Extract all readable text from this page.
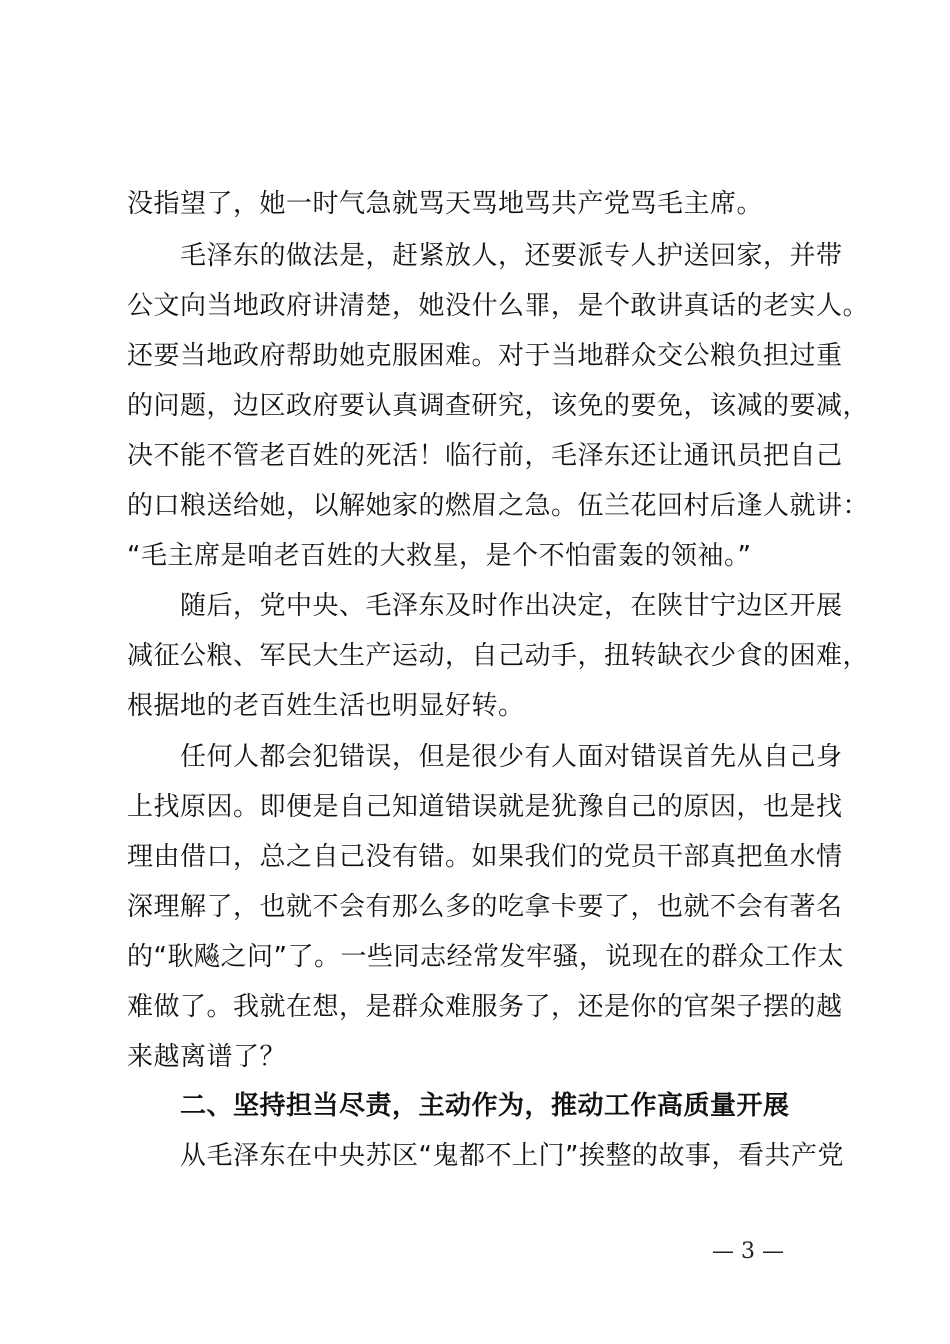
没指望了，她一时气急就骂天骂地骂共产党骂毛主席。
毛泽东的做法是，赶紧放人，还要派专人护送回家，并带
公文向当地政府讲清楚，她没什么罪，是个敢讲真话的老实人。
还要当地政府帮助她克服困难。对于当地群众交公粮负担过重
的问题，边区政府要认真调查研究，该免的要免，该减的要减，
决不能不管老百姓的死活！临行前，毛泽东还让通讯员把自己
的口粮送给她，以解她家的燃眉之急。伍兰花回村后逢人就讲：
“毛主席是咱老百姓的大救星，是个不怕雷轰的领袖。”
随后，党中央、毛泽东及时作出决定，在陕甘宁边区开展
减征公粮、军民大生产运动，自己动手，扭转缺衣少食的困难，
根据地的老百姓生活也明显好转。
任何人都会犯错误，但是很少有人面对错误首先从自己身
上找原因。即便是自己知道错误就是犹豫自己的原因，也是找
理由借口，总之自己没有错。如果我们的党员干部真把鱼水情
深理解了，也就不会有那么多的吃拿卡要了，也就不会有著名
的“耿飚之问”了。一些同志经常发牢骚，说现在的群众工作太
难做了。我就在想，是群众难服务了，还是你的官架子摆的越
来越离谱了？
二、坚持担当尽责，主动作为，推动工作高质量开展
从毛泽东在中央苏区“鬼都不上门”挨整的故事，看共产党
— 3 —
